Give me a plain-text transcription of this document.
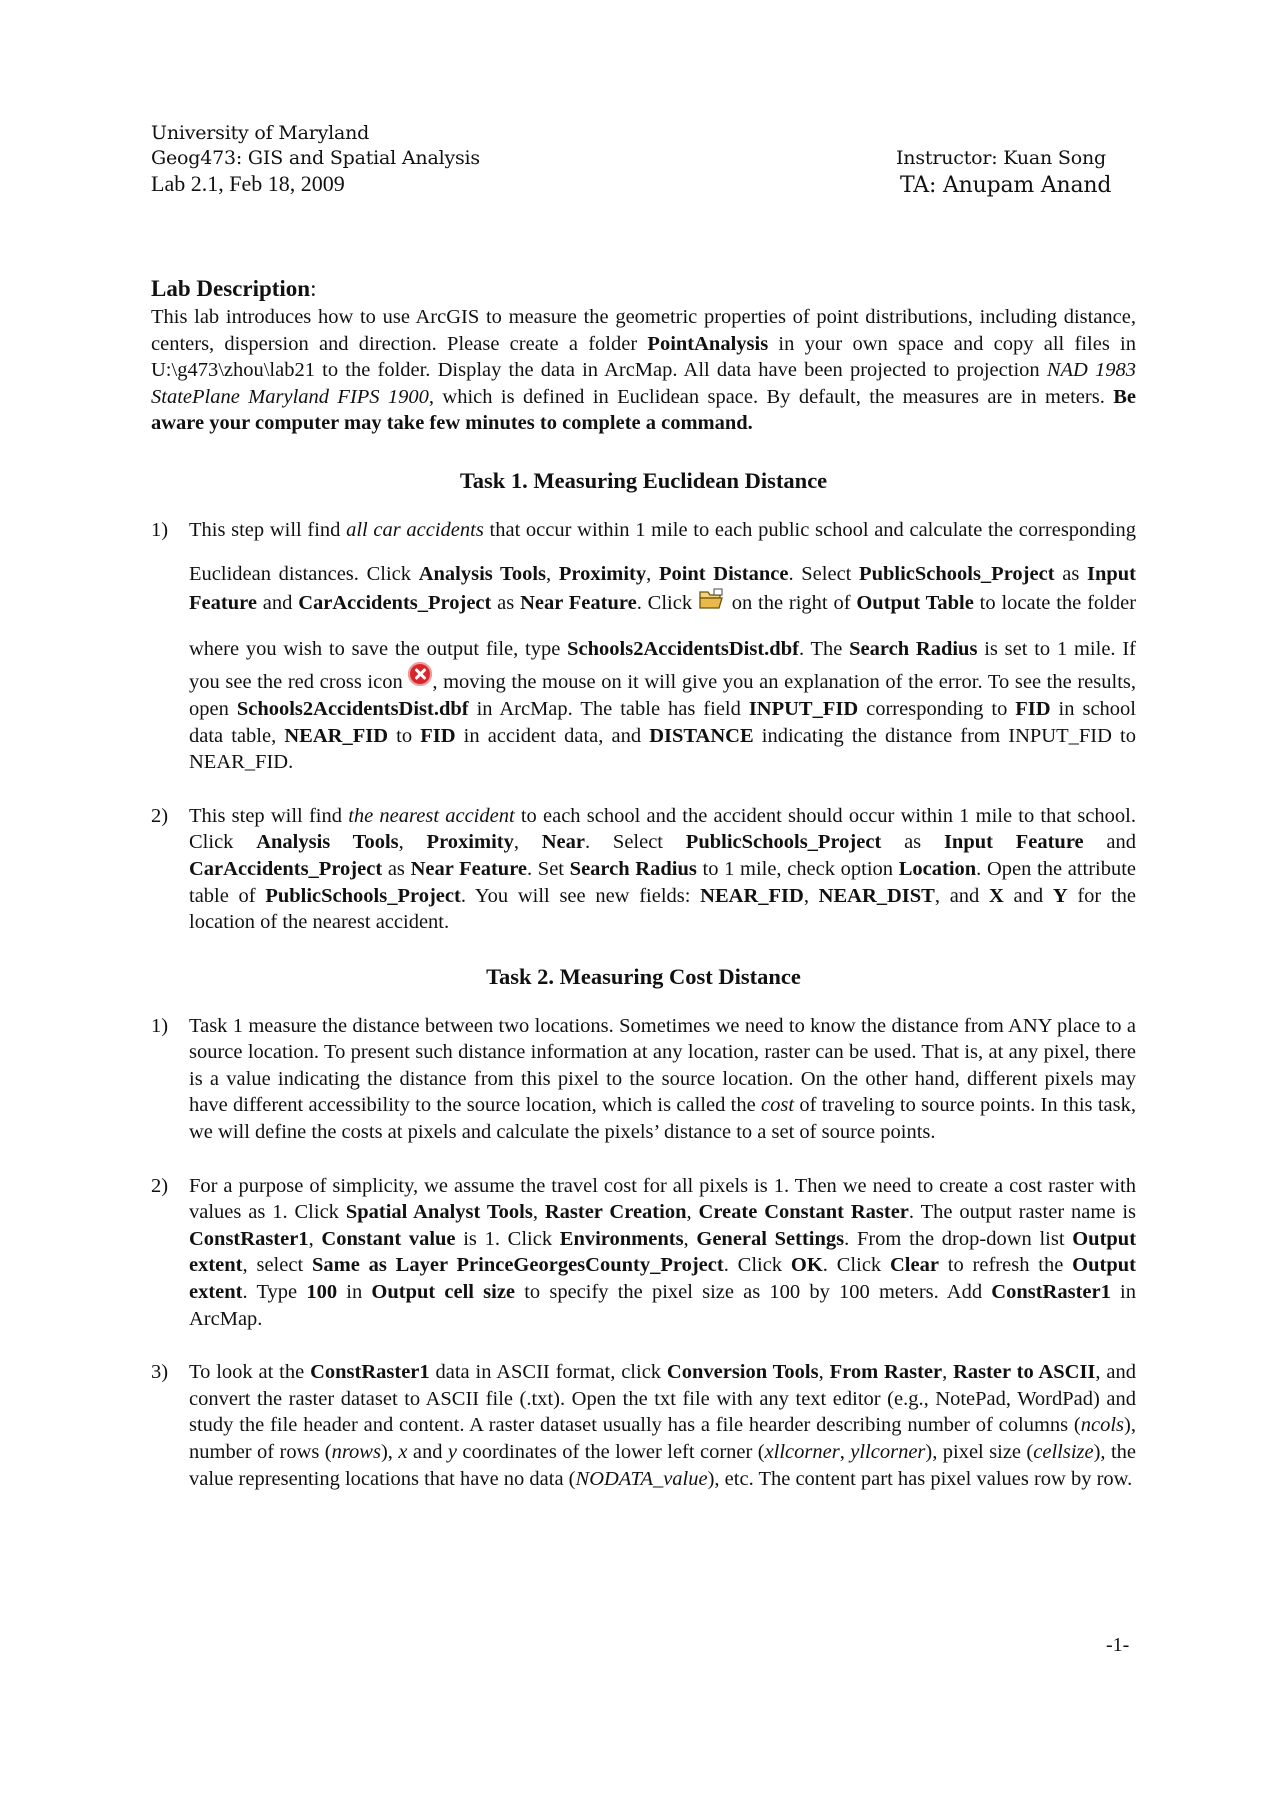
University of Maryland
Geog473: GIS and Spatial Analysis
Lab 2.1, Feb 18, 2009
Instructor: Kuan Song
TA: Anupam Anand
Lab Description:

This lab introduces how to use ArcGIS to measure the geometric properties of point distributions, including distance, centers, dispersion and direction. Please create a folder PointAnalysis in your own space and copy all files in U:\g473\zhou\lab21 to the folder. Display the data in ArcMap. All data have been projected to projection NAD 1983 StatePlane Maryland FIPS 1900, which is defined in Euclidean space. By default, the measures are in meters. Be aware your computer may take few minutes to complete a command.

Task 1. Measuring Euclidean Distance
1) This step will find all car accidents that occur within 1 mile to each public school and calculate the corresponding Euclidean distances. Click Analysis Tools, Proximity, Point Distance. Select PublicSchools_Project as Input Feature and CarAccidents_Project as Near Feature. Click  on the right of Output Table to locate the folder where you wish to save the output file, type Schools2AccidentsDist.dbf. The Search Radius is set to 1 mile. If you see the red cross icon , moving the mouse on it will give you an explanation of the error. To see the results, open Schools2AccidentsDist.dbf in ArcMap. The table has field INPUT_FID corresponding to FID in school data table, NEAR_FID to FID in accident data, and DISTANCE indicating the distance from INPUT_FID to NEAR_FID.
2) This step will find the nearest accident to each school and the accident should occur within 1 mile to that school. Click Analysis Tools, Proximity, Near. Select PublicSchools_Project as Input Feature and CarAccidents_Project as Near Feature. Set Search Radius to 1 mile, check option Location. Open the attribute table of PublicSchools_Project. You will see new fields: NEAR_FID, NEAR_DIST, and X and Y for the location of the nearest accident.
Task 2. Measuring Cost Distance
1) Task 1 measure the distance between two locations. Sometimes we need to know the distance from ANY place to a source location. To present such distance information at any location, raster can be used. That is, at any pixel, there is a value indicating the distance from this pixel to the source location. On the other hand, different pixels may have different accessibility to the source location, which is called the cost of traveling to source points. In this task, we will define the costs at pixels and calculate the pixels’ distance to a set of source points.
2) For a purpose of simplicity, we assume the travel cost for all pixels is 1. Then we need to create a cost raster with values as 1. Click Spatial Analyst Tools, Raster Creation, Create Constant Raster. The output raster name is ConstRaster1, Constant value is 1. Click Environments, General Settings. From the drop-down list Output extent, select Same as Layer PrinceGeorgesCounty_Project. Click OK. Click Clear to refresh the Output extent. Type 100 in Output cell size to specify the pixel size as 100 by 100 meters. Add ConstRaster1 in ArcMap.
3) To look at the ConstRaster1 data in ASCII format, click Conversion Tools, From Raster, Raster to ASCII, and convert the raster dataset to ASCII file (.txt). Open the txt file with any text editor (e.g., NotePad, WordPad) and study the file header and content. A raster dataset usually has a file hearder describing number of columns (ncols), number of rows (nrows), x and y coordinates of the lower left corner (xllcorner, yllcorner), pixel size (cellsize), the value representing locations that have no data (NODATA_value), etc. The content part has pixel values row by row.
-1-
